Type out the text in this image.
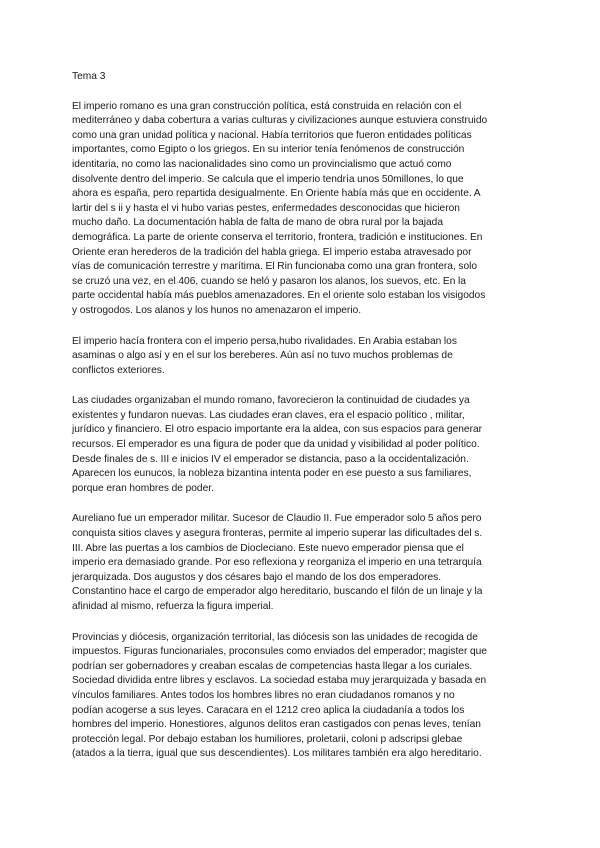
Tema 3
El imperio romano es una gran construcción política, está construida en relación con el
mediterráneo y daba cobertura a varias culturas y civilizaciones aunque estuviera construido
como una gran unidad política y nacional. Había territorios que fueron entidades políticas
importantes, como Egipto o los griegos. En su interior tenía fenómenos de construcción
identitaria, no como las nacionalidades sino como un provincialismo que actuó como
disolvente dentro del imperio. Se calcula que el imperio tendría unos 50millones, lo que
ahora es españa, pero repartida desigualmente. En Oriente había más que en occidente. A
lartir del s ii y hasta el vi hubo varias pestes, enfermedades desconocidas que hicieron
mucho daño. La documentación habla de falta de mano de obra rural por la bajada
demográfica. La parte de oriente conserva el territorio, frontera, tradición e instituciones. En
Oriente eran herederos de la tradición del habla griega. El imperio estaba atravesado por
vías de comunicación terrestre y marítima. El Rin funcionaba como una gran frontera, solo
se cruzó una vez, en el 406, cuando se heló y pasaron los alanos, los suevos, etc. En la
parte occidental había más pueblos amenazadores. En el oriente solo estaban los visigodos
y ostrogodos. Los alanos y los hunos no amenazaron el imperio.
El imperio hacía frontera con el imperio persa,hubo rivalidades. En Arabia estaban los
asaminas o algo así y en el sur los bereberes. Aún así no tuvo muchos problemas de
conflictos exteriores.
Las ciudades organizaban el mundo romano, favorecieron la continuidad de ciudades ya
existentes y fundaron nuevas. Las ciudades eran claves, era el espacio político , militar,
jurídico y financiero. El otro espacio importante era la aldea, con sus espacios para generar
recursos. El emperador es una figura de poder que da unidad y visibilidad al poder político.
Desde finales de s. III e inicios IV el emperador se distancia, paso a la occidentalización.
Aparecen los eunucos, la nobleza bizantina intenta poder en ese puesto a sus familiares,
porque eran hombres de poder.
Aureliano fue un emperador militar. Sucesor de Claudio II. Fue emperador solo 5 años pero
conquista sitios claves y asegura fronteras, permite al imperio superar las dificultades del s.
III. Abre las puertas a los cambios de Diocleciano. Este nuevo emperador piensa que el
imperio era demasiado grande. Por eso reflexiona y reorganiza el imperio en una tetrarquía
jerarquizada. Dos augustos y dos césares bajo el mando de los dos emperadores.
Constantino hace el cargo de emperador algo hereditario, buscando el filón de un linaje y la
afinidad al mismo, refuerza la figura imperial.
Provincias y diócesis, organización territorial, las diócesis son las unidades de recogida de
impuestos. Figuras funcionariales, proconsules como enviados del emperador; magister que
podrían ser gobernadores y creaban escalas de competencias hasta llegar a los curiales.
Sociedad dividida entre libres y esclavos. La sociedad estaba muy jerarquizada y basada en
vínculos familiares. Antes todos los hombres libres no eran ciudadanos romanos y no
podían acogerse a sus leyes. Caracara en el 1212 creo aplica la ciudadanía a todos los
hombres del imperio. Honestiores, algunos delitos eran castigados con penas leves, tenían
protección legal. Por debajo estaban los humiliores, proletarii, coloni p adscripsi glebae
(atados a la tierra, igual que sus descendientes). Los militares también era algo hereditario.
